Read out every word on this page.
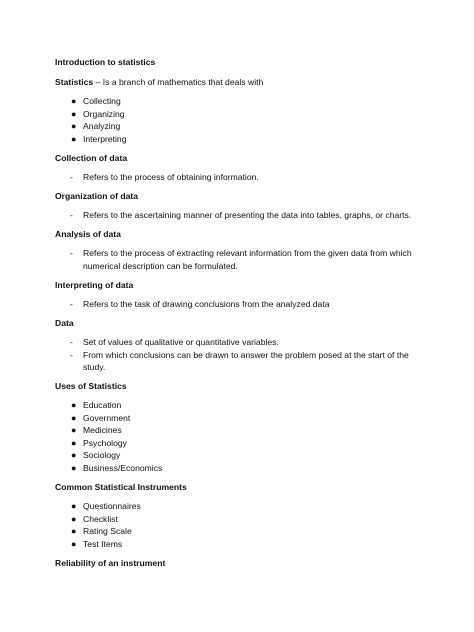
Introduction to statistics
Statistics – Is a branch of mathematics that deals with
● Collecting
● Organizing
● Analyzing
● Interpreting
Collection of data
-	Refers to the process of obtaining information.
Organization of data
-	Refers to the ascertaining manner of presenting the data into tables, graphs, or charts.
Analysis of data
-	Refers to the process of extracting relevant information from the given data from which numerical description can be formulated.
Interpreting of data
-	Refers to the task of drawing conclusions from the analyzed data
Data
-	Set of values of qualitative or quantitative variables.
-	From which conclusions can be drawn to answer the problem posed at the start of the study.
Uses of Statistics
● Education
● Government
● Medicines
● Psychology
● Sociology
● Business/Economics
Common Statistical Instruments
● Questionnaires
● Checklist
● Rating Scale
● Test Items
Reliability of an instrument
